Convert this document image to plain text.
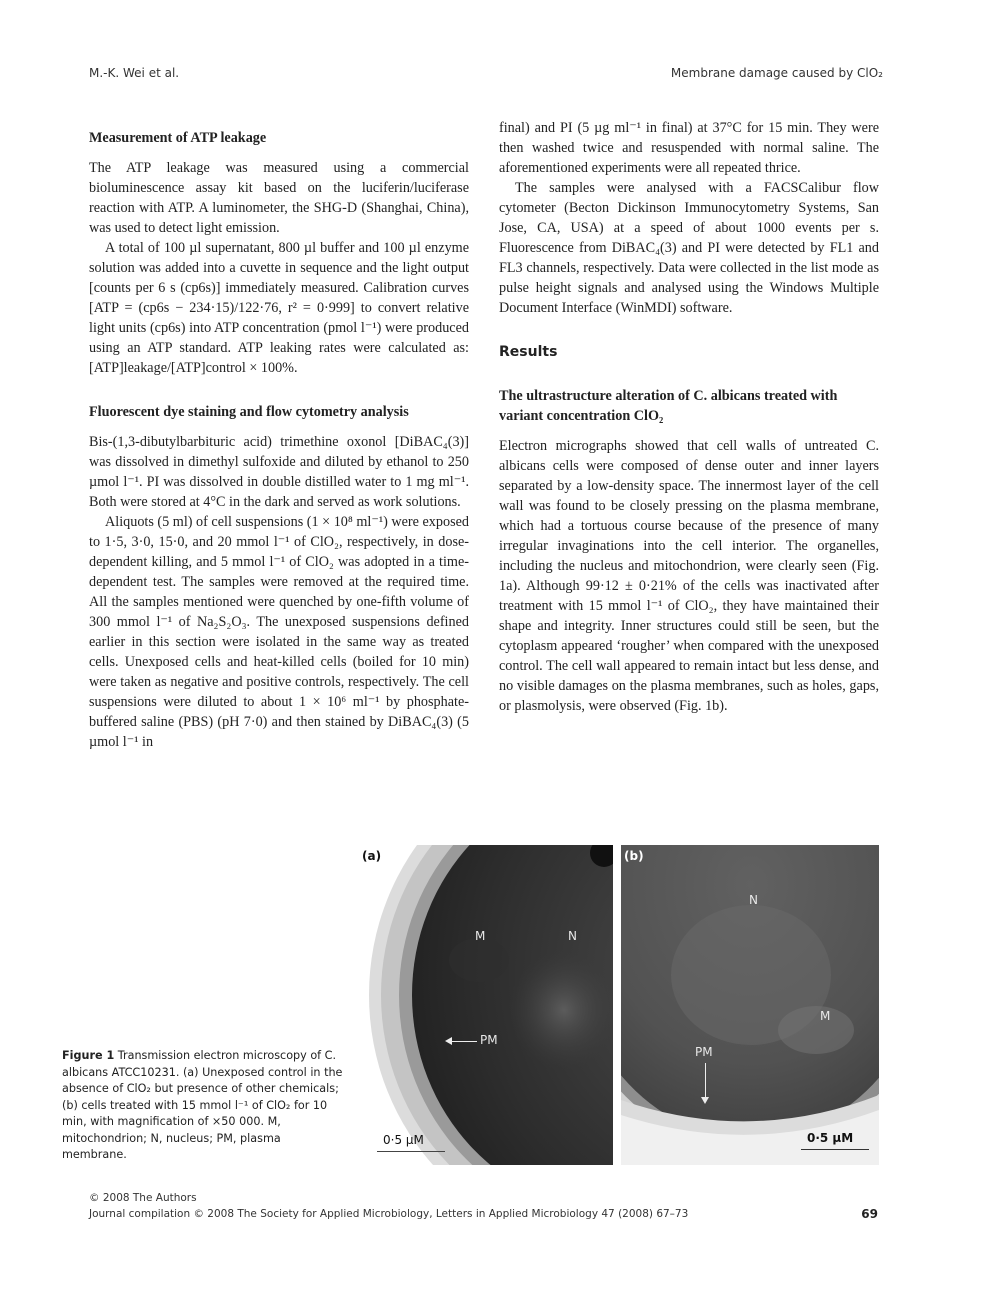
M.-K. Wei et al.	Membrane damage caused by ClO₂
Measurement of ATP leakage

The ATP leakage was measured using a commercial bioluminescence assay kit based on the luciferin/luciferase reaction with ATP. A luminometer, the SHG-D (Shanghai, China), was used to detect light emission.

A total of 100 µl supernatant, 800 µl buffer and 100 µl enzyme solution was added into a cuvette in sequence and the light output [counts per 6 s (cp6s)] immediately measured. Calibration curves [ATP = (cp6s − 234·15)/122·76, r² = 0·999] to convert relative light units (cp6s) into ATP concentration (pmol l⁻¹) were produced using an ATP standard. ATP leaking rates were calculated as: [ATP]leakage/[ATP]control × 100%.

Fluorescent dye staining and flow cytometry analysis

Bis-(1,3-dibutylbarbituric acid) trimethine oxonol [DiBAC₄(3)] was dissolved in dimethyl sulfoxide and diluted by ethanol to 250 µmol l⁻¹. PI was dissolved in double distilled water to 1 mg ml⁻¹. Both were stored at 4°C in the dark and served as work solutions.

Aliquots (5 ml) of cell suspensions (1 × 10⁸ ml⁻¹) were exposed to 1·5, 3·0, 15·0, and 20 mmol l⁻¹ of ClO₂, respectively, in dose-dependent killing, and 5 mmol l⁻¹ of ClO₂ was adopted in a time-dependent test. The samples were removed at the required time. All the samples mentioned were quenched by one-fifth volume of 300 mmol l⁻¹ of Na₂S₂O₃. The unexposed suspensions defined earlier in this section were isolated in the same way as treated cells. Unexposed cells and heat-killed cells (boiled for 10 min) were taken as negative and positive controls, respectively. The cell suspensions were diluted to about 1 × 10⁶ ml⁻¹ by phosphate-buffered saline (PBS) (pH 7·0) and then stained by DiBAC₄(3) (5 µmol l⁻¹ in

final) and PI (5 µg ml⁻¹ in final) at 37°C for 15 min. They were then washed twice and resuspended with normal saline. The aforementioned experiments were all repeated thrice.

The samples were analysed with a FACSCalibur flow cytometer (Becton Dickinson Immunocytometry Systems, San Jose, CA, USA) at a speed of about 1000 events per s. Fluorescence from DiBAC₄(3) and PI were detected by FL1 and FL3 channels, respectively. Data were collected in the list mode as pulse height signals and analysed using the Windows Multiple Document Interface (WinMDI) software.

Results
The ultrastructure alteration of C. albicans treated with variant concentration ClO₂

Electron micrographs showed that cell walls of untreated C. albicans cells were composed of dense outer and inner layers separated by a low-density space. The innermost layer of the cell wall was found to be closely pressing on the plasma membrane, which had a tortuous course because of the presence of many irregular invaginations into the cell interior. The organelles, including the nucleus and mitochondrion, were clearly seen (Fig. 1a). Although 99·12 ± 0·21% of the cells was inactivated after treatment with 15 mmol l⁻¹ of ClO₂, they have maintained their shape and integrity. Inner structures could still be seen, but the cytoplasm appeared ‘rougher’ when compared with the unexposed control. The cell wall appeared to remain intact but less dense, and no visible damages on the plasma membranes, such as holes, gaps, or plasmolysis, were observed (Fig. 1b).

Figure 1 Transmission electron microscopy of C. albicans ATCC10231. (a) Unexposed control in the absence of ClO₂ but presence of other chemicals; (b) cells treated with 15 mmol l⁻¹ of ClO₂ for 10 min, with magnification of ×50 000. M, mitochondrion; N, nucleus; PM, plasma membrane.
(a)
M	N
PM
0·5 µM
(b)
N
M
PM
0·5 µM
© 2008 The Authors
Journal compilation © 2008 The Society for Applied Microbiology, Letters in Applied Microbiology 47 (2008) 67–73	69
